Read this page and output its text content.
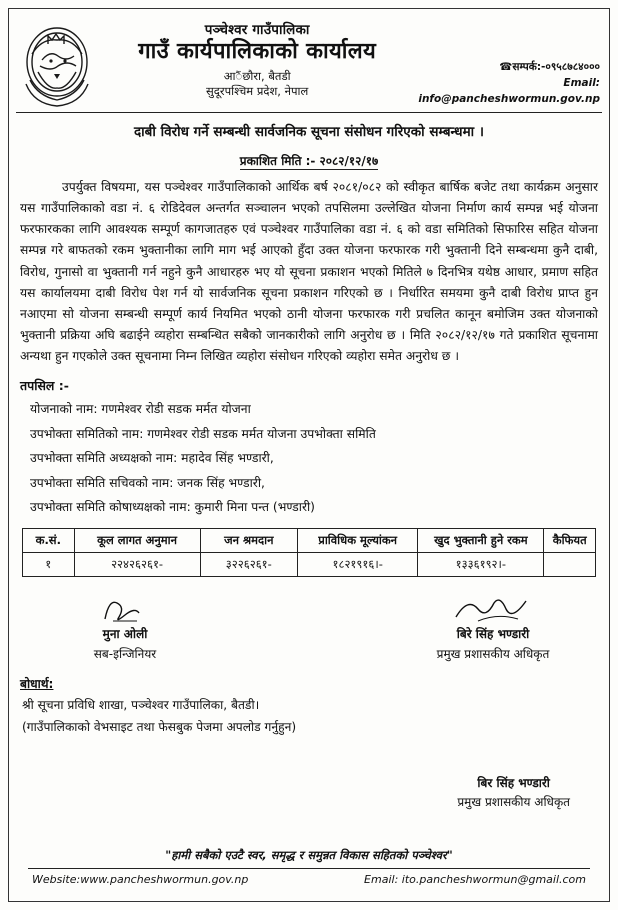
पञ्चेश्वर गाउँपालिका
गाउँ कार्यपालिकाको कार्यालय
आैंछौरा, बैतडी
सुदूरपश्चिम प्रदेश, नेपाल
☎सम्पर्क:-०९५८७८४०००
Email: info@pancheshwormun.gov.np
दाबी विरोध गर्ने सम्बन्धी सार्वजनिक सूचना संसोधन गरिएको सम्बन्धमा ।
प्रकाशित मिति :- २०८२/१२/१७
उपर्युक्त विषयमा, यस पञ्चेश्वर गाउँपालिकाको आर्थिक बर्ष २०८१/०८२ को स्वीकृत बार्षिक बजेट तथा कार्यक्रम अनुसार यस गाउँपालिकाको वडा नं. ६ रोडिदेवल अन्तर्गत सञ्चालन भएको तपसिलमा उल्लेखित योजना निर्माण कार्य सम्पन्न भई योजना फरफारकका लागि आवश्यक सम्पूर्ण कागजातहरु एवं पञ्चेश्वर गाउँपालिका वडा नं. ६ को वडा समितिको सिफारिस सहित योजना सम्पन्न गरे बाफतको रकम भुक्तानीका लागि माग भई आएको हुँदा उक्त योजना फरफारक गरी भुक्तानी दिने सम्बन्धमा कुनै दाबी, विरोध, गुनासो वा भुक्तानी गर्न नहुने कुनै आधारहरु भए यो सूचना प्रकाशन भएको मितिले ७ दिनभित्र यथेष्ठ आधार, प्रमाण सहित यस कार्यालयमा दाबी विरोध पेश गर्न यो सार्वजनिक सूचना प्रकाशन गरिएको छ । निर्धारित समयमा कुनै दाबी विरोध प्राप्त हुन नआएमा सो योजना सम्बन्धी सम्पूर्ण कार्य नियमित भएको ठानी योजना फरफारक गरी प्रचलित कानून बमोजिम उक्त योजनाको भुक्तानी प्रक्रिया अघि बढाईने व्यहोरा सम्बन्धित सबैको जानकारीको लागि अनुरोध छ । मिति २०८२/१२/१७ गते प्रकाशित सूचनामा अन्यथा हुन गएकोले उक्त सूचनामा निम्न लिखित व्यहोरा संसोधन गरिएको व्यहोरा समेत अनुरोध छ ।
तपसिल :-
योजनाको नाम: गणमेश्वर रोडी सडक मर्मत योजना
उपभोक्ता समितिको नाम: गणमेश्वर रोडी सडक मर्मत योजना उपभोक्ता समिति
उपभोक्ता समिति अध्यक्षको नाम: महादेव सिंह भण्डारी,
उपभोक्ता समिति सचिवको नाम: जनक सिंह भण्डारी,
उपभोक्ता समिति कोषाध्यक्षको नाम: कुमारी मिना पन्त (भण्डारी)
क.सं.	कूल लागत अनुमान	जन श्रमदान	प्राविधिक मूल्यांकन	खुद भुक्तानी हुने रकम	कैफियत
१	२२४२६२६१-	३२२६२६१-	१८२१९१६।-	१३३६१९२।-	
मुना ओली
सब-इन्जिनियर
बिरे सिंह भण्डारी
प्रमुख प्रशासकीय अधिकृत
बोधार्थ:
श्री सूचना प्रविधि शाखा, पञ्चेश्वर गाउँपालिका, बैतडी।
(गाउँपालिकाको वेभसाइट तथा फेसबुक पेजमा अपलोड गर्नुहुन)
बिर सिंह भण्डारी
प्रमुख प्रशासकीय अधिकृत
"हामी सबैको एउटै स्वर, समृद्ध र समुन्नत विकास सहितको पञ्चेश्वर"
Website:www.pancheshwormun.gov.np	Email: ito.pancheshwormun@gmail.com
